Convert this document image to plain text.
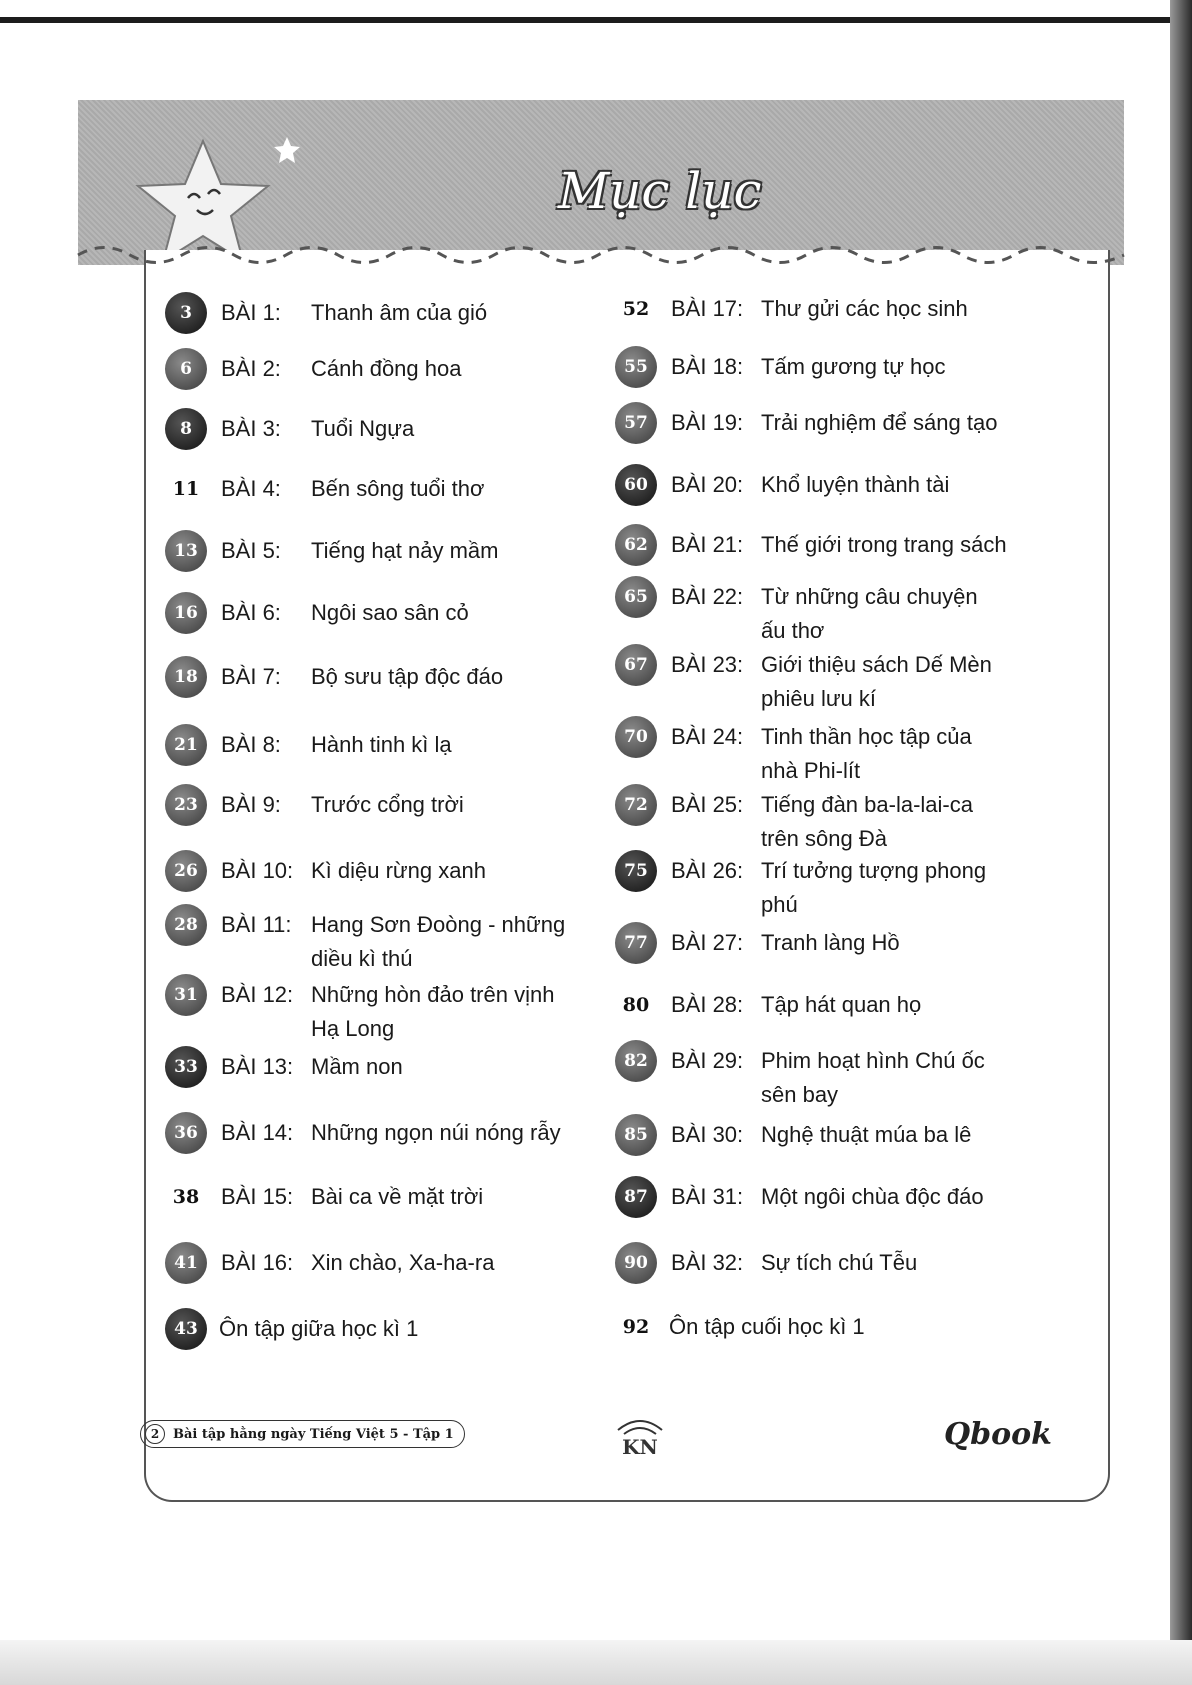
Mục lục
3	BÀI 1:	Thanh âm của gió
6	BÀI 2:	Cánh đồng hoa
8	BÀI 3:	Tuổi Ngựa
11 BÀI 4:	Bến sông tuổi thơ
13	BÀI 5:	Tiếng hạt nảy mầm
16	BÀI 6:	Ngôi sao sân cỏ
18	BÀI 7:	Bộ sưu tập độc đáo
21	BÀI 8:	Hành tinh kì lạ
23	BÀI 9:	Trước cổng trời
26	BÀI 10: Kì diệu rừng xanh
28	BÀI 11: Hang Sơn Đoòng - những
diều kì thú
31	BÀI 12: Những hòn đảo trên vịnh
Hạ Long
33	BÀI 13: Mầm non
36	BÀI 14: Những ngọn núi nóng rẫy
38 BÀI 15: Bài ca về mặt trời
41	BÀI 16: Xin chào, Xa-ha-ra
43 Ôn tập giữa học kì 1
52 BÀI 17: Thư gửi các học sinh
55	BÀI 18: Tấm gương tự học
57	BÀI 19: Trải nghiệm để sáng tạo
60	BÀI 20: Khổ luyện thành tài
62	BÀI 21: Thế giới trong trang sách
65	BÀI 22: Từ những câu chuyện
ấu thơ
67	BÀI 23: Giới thiệu sách Dế Mèn
phiêu lưu kí
70	BÀI 24: Tinh thần học tập của
nhà Phi-lít
72	BÀI 25: Tiếng đàn ba-la-lai-ca
trên sông Đà
75	BÀI 26: Trí tưởng tượng phong
phú
77	BÀI 27: Tranh làng Hồ
80 BÀI 28: Tập hát quan họ
82	BÀI 29: Phim hoạt hình Chú ốc
sên bay
85	BÀI 30: Nghệ thuật múa ba lê
87	BÀI 31: Một ngôi chùa độc đáo
90	BÀI 32: Sự tích chú Tễu
92 Ôn tập cuối học kì 1
2	Bài tập hằng ngày Tiếng Việt 5 - Tập 1
KN	Qbook
